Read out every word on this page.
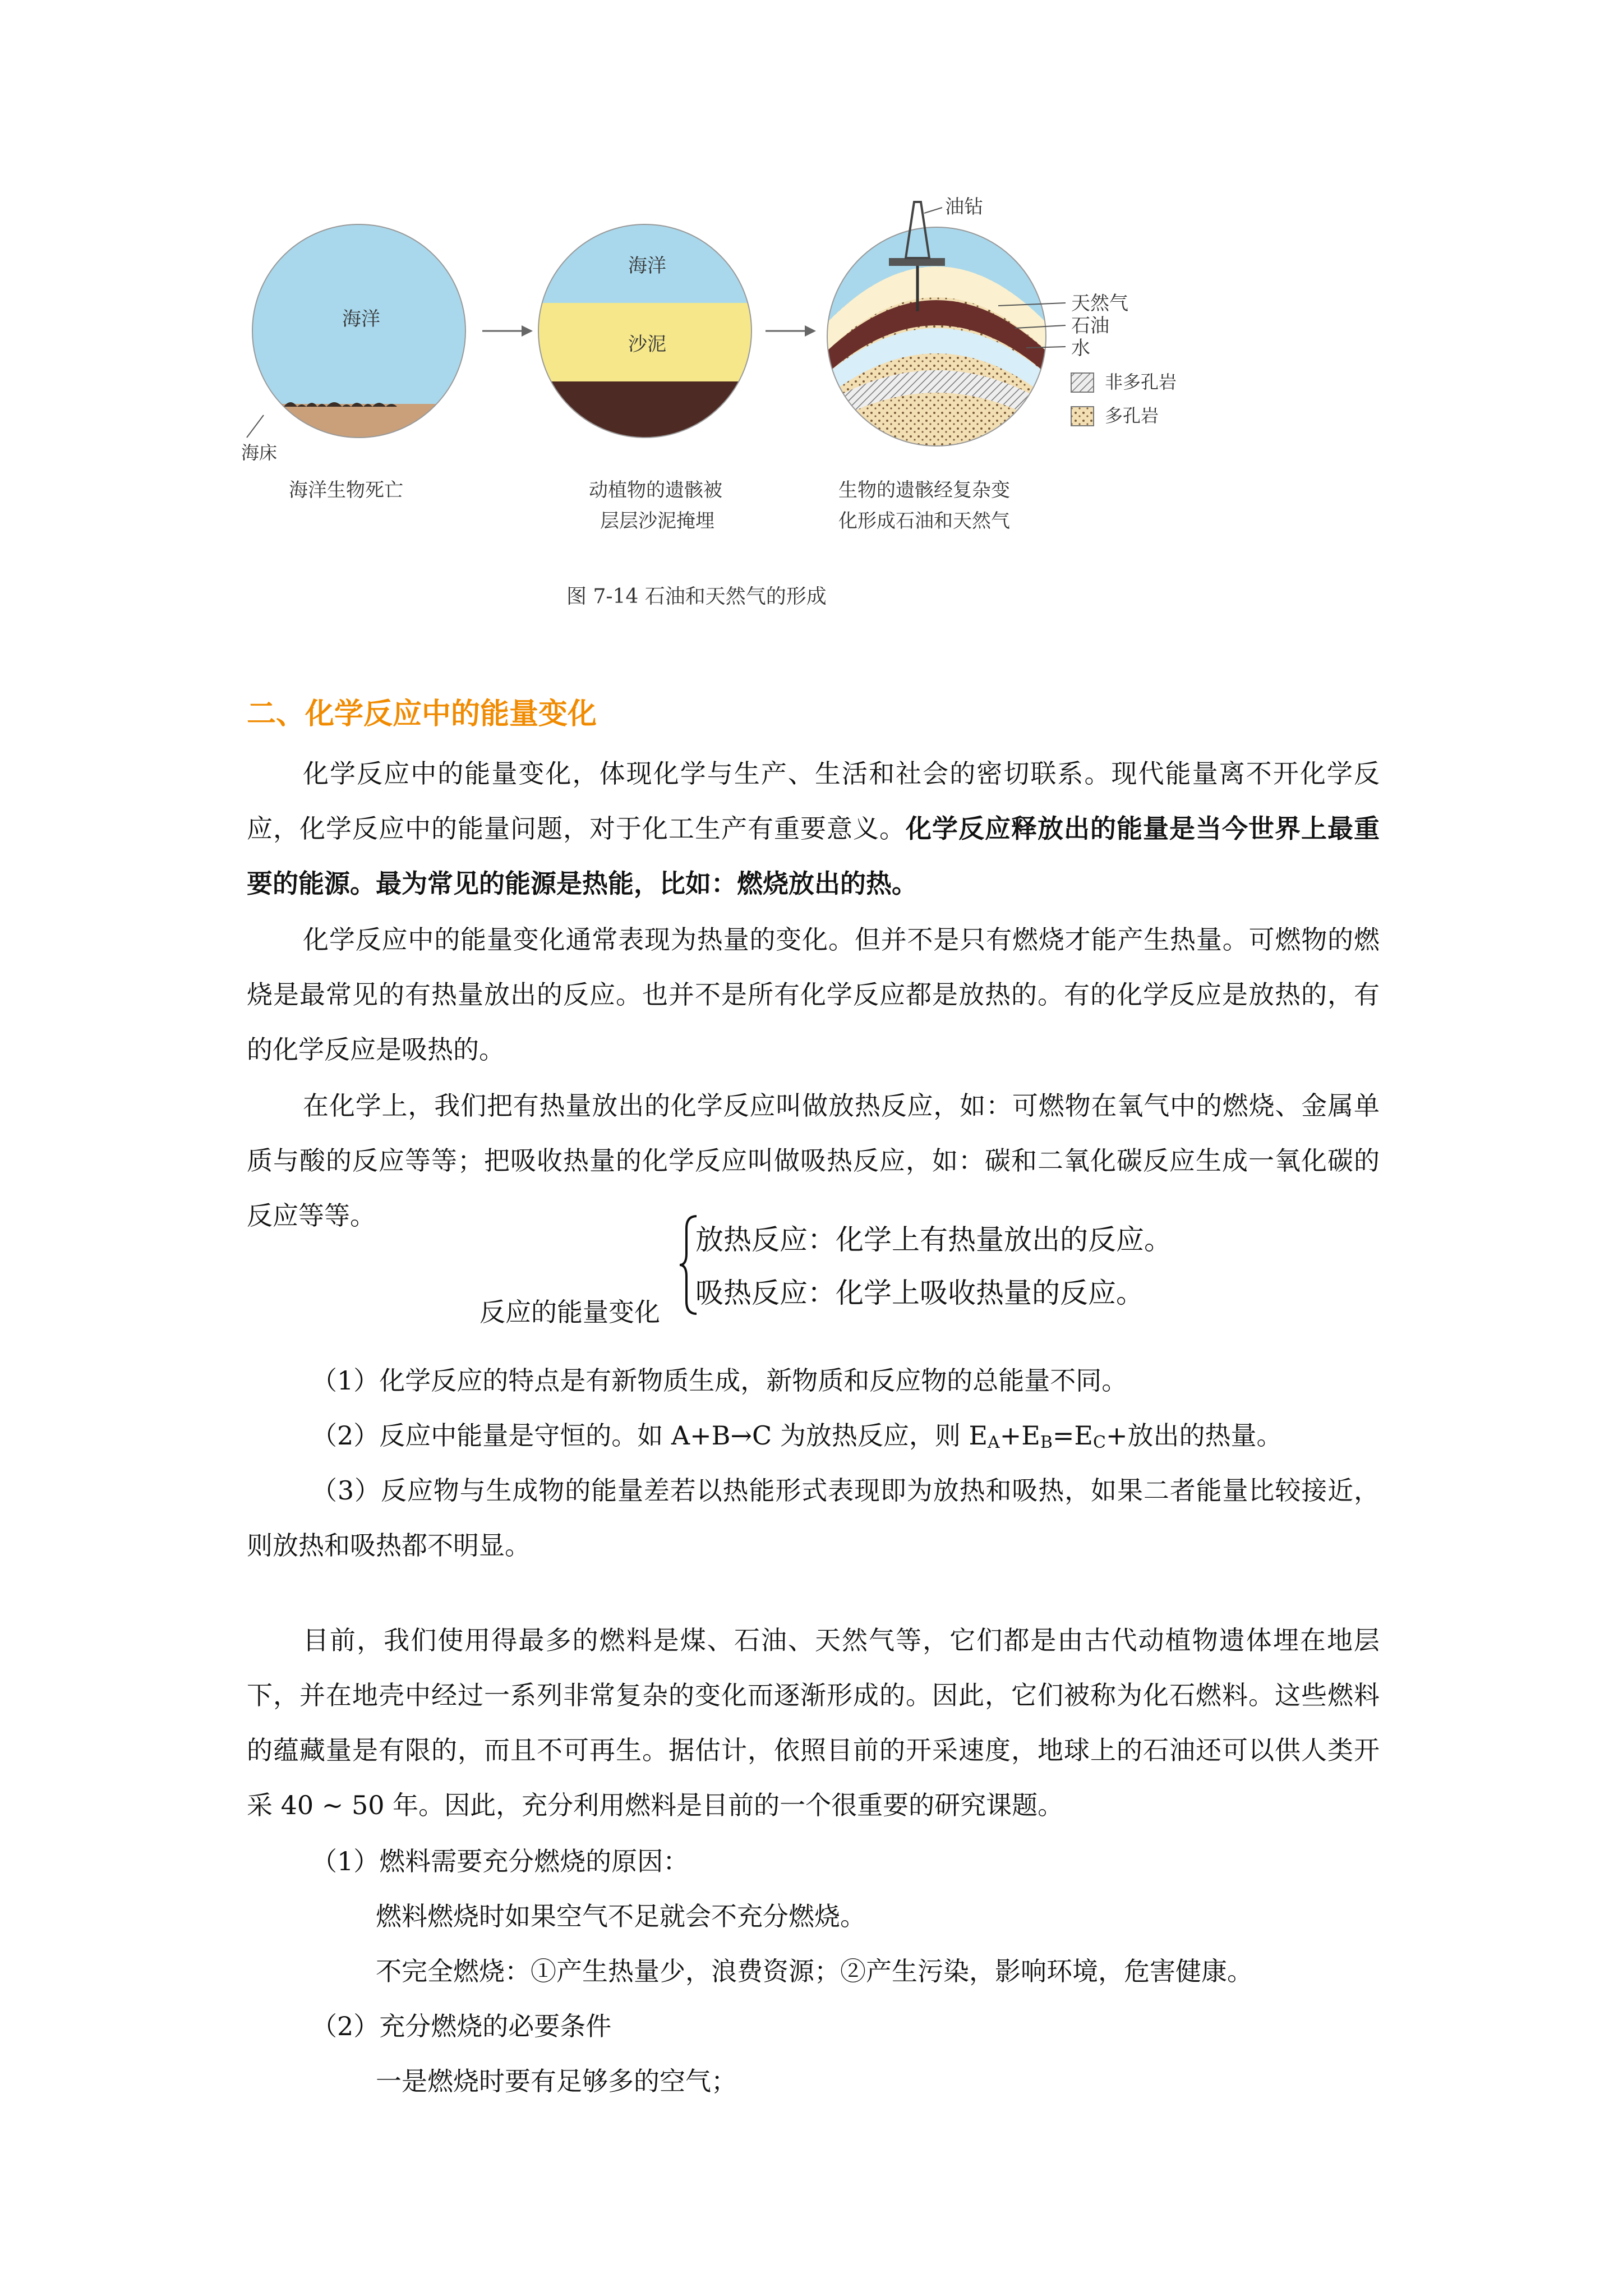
海洋
海床
海洋生物死亡
海洋
沙泥
动植物的遗骸被
层层沙泥掩埋
油钻
天然气
石油
水
非多孔岩
多孔岩
生物的遗骸经复杂变
化形成石油和天然气
图 7-14 石油和天然气的形成
二、化学反应中的能量变化

化学反应中的能量变化，体现化学与生产、生活和社会的密切联系。现代能量离不开化学反应，化学反应中的能量问题，对于化工生产有重要意义。化学反应释放出的能量是当今世界上最重要的能源。最为常见的能源是热能，比如：燃烧放出的热。

化学反应中的能量变化通常表现为热量的变化。但并不是只有燃烧才能产生热量。可燃物的燃烧是最常见的有热量放出的反应。也并不是所有化学反应都是放热的。有的化学反应是放热的，有的化学反应是吸热的。

在化学上，我们把有热量放出的化学反应叫做放热反应，如：可燃物在氧气中的燃烧、金属单质与酸的反应等等；把吸收热量的化学反应叫做吸热反应，如：碳和二氧化碳反应生成一氧化碳的反应等等。

反应的能量变化
放热反应：化学上有热量放出的反应。
吸热反应：化学上吸收热量的反应。
（1）化学反应的特点是有新物质生成，新物质和反应物的总能量不同。
（2）反应中能量是守恒的。如 A+B→C 为放热反应，则 $E_A+E_B=E_C+$放出的热量。

（3）反应物与生成物的能量差若以热能形式表现即为放热和吸热，如果二者能量比较接近，则放热和吸热都不明显。

目前，我们使用得最多的燃料是煤、石油、天然气等，它们都是由古代动植物遗体埋在地层下，并在地壳中经过一系列非常复杂的变化而逐渐形成的。因此，它们被称为化石燃料。这些燃料的蕴藏量是有限的，而且不可再生。据估计，依照目前的开采速度，地球上的石油还可以供人类开采 40 ~ 50 年。因此，充分利用燃料是目前的一个很重要的研究课题。

（1）燃料需要充分燃烧的原因：
燃料燃烧时如果空气不足就会不充分燃烧。
不完全燃烧：①产生热量少，浪费资源；②产生污染，影响环境，危害健康。
（2）充分燃烧的必要条件
一是燃烧时要有足够多的空气；
